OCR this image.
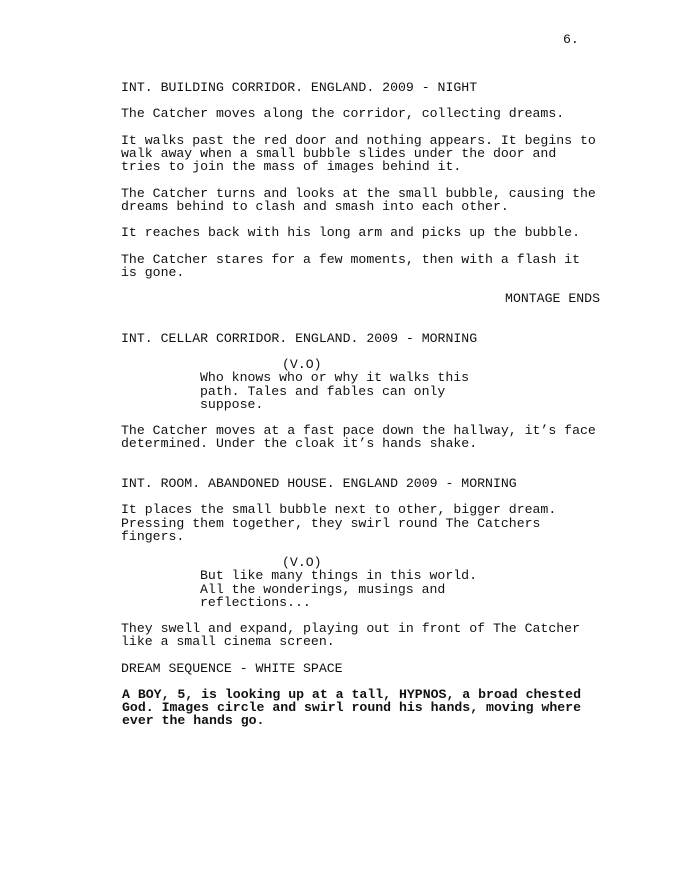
6.
INT. BUILDING CORRIDOR. ENGLAND. 2009 - NIGHT
The Catcher moves along the corridor, collecting dreams.
It walks past the red door and nothing appears. It begins to
walk away when a small bubble slides under the door and
tries to join the mass of images behind it.
The Catcher turns and looks at the small bubble, causing the
dreams behind to clash and smash into each other.
It reaches back with his long arm and picks up the bubble.
The Catcher stares for a few moments, then with a flash it
is gone.
MONTAGE ENDS
INT. CELLAR CORRIDOR. ENGLAND. 2009 - MORNING
(V.O)
Who knows who or why it walks this
path. Tales and fables can only
suppose.
The Catcher moves at a fast pace down the hallway, it’s face
determined. Under the cloak it’s hands shake.
INT. ROOM. ABANDONED HOUSE. ENGLAND 2009 - MORNING
It places the small bubble next to other, bigger dream.
Pressing them together, they swirl round The Catchers
fingers.
(V.O)
But like many things in this world.
All the wonderings, musings and
reflections...
They swell and expand, playing out in front of The Catcher
like a small cinema screen.
DREAM SEQUENCE - WHITE SPACE
A BOY, 5, is looking up at a tall, HYPNOS, a broad chested
God. Images circle and swirl round his hands, moving where
ever the hands go.
